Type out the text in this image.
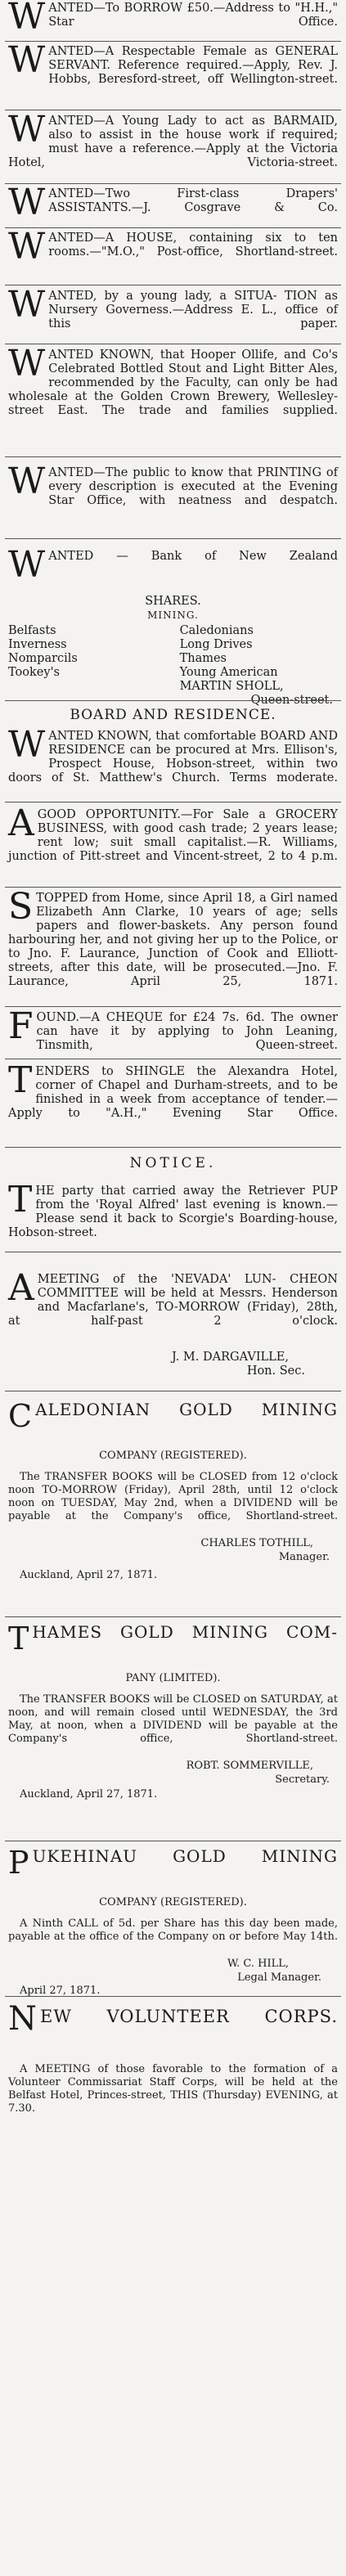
W ANTED—To BORROW £50.—Address to "H.H.," Star Office.

W ANTED—A Respectable Female as GENERAL SERVANT. Reference required.—Apply, Rev. J. Hobbs, Beresford-street, off Wellington-street.

W ANTED—A Young Lady to act as BARMAID, also to assist in the house work if required; must have a reference.—Apply at the Victoria Hotel, Victoria-street.

W ANTED—Two First-class Drapers' ASSISTANTS.—J. Cosgrave & Co.

W ANTED—A HOUSE, containing six to ten rooms.—"M.O.," Post-office, Shortland-street.

W ANTED, by a young lady, a SITUA- TION as Nursery Governess.—Address E. L., office of this paper.

W ANTED KNOWN, that Hooper Ollife, and Co's Celebrated Bottled Stout and Light Bitter Ales, recommended by the Faculty, can only be had wholesale at the Golden Crown Brewery, Wellesley-street East. The trade and families supplied.

W ANTED—The public to know that PRINTING of every description is executed at the Evening Star Office, with neatness and despatch.

W ANTED — Bank of New Zealand

SHARES.

MINING.

Belfasts
Inverness
Nomparcils
Tookey's
Caledonians
Long Drives
Thames
Young American
MARTIN SHOLL,

Queen-street.

BOARD AND RESIDENCE.

W ANTED KNOWN, that comfortable BOARD AND RESIDENCE can be procured at Mrs. Ellison's, Prospect House, Hobson-street, within two doors of St. Matthew's Church. Terms moderate.

A GOOD OPPORTUNITY.—For Sale a GROCERY BUSINESS, with good cash trade; 2 years lease; rent low; suit small capitalist.—R. Williams, junction of Pitt-street and Vincent-street, 2 to 4 p.m.

S TOPPED from Home, since April 18, a Girl named Elizabeth Ann Clarke, 10 years of age; sells papers and flower-baskets. Any person found harbouring her, and not giving her up to the Police, or to Jno. F. Laurance, Junction of Cook and Elliott-streets, after this date, will be prosecuted.—Jno. F. Laurance, April 25, 1871.

F OUND.—A CHEQUE for £24 7s. 6d. The owner can have it by applying to John Leaning, Tinsmith, Queen-street.

T ENDERS to SHINGLE the Alexandra Hotel, corner of Chapel and Durham-streets, and to be finished in a week from acceptance of tender.—Apply to "A.H.," Evening Star Office.

NOTICE.

T HE party that carried away the Retriever PUP from the 'Royal Alfred' last evening is known.—Please send it back to Scorgie's Boarding-house, Hobson-street.

A MEETING of the 'NEVADA' LUN- CHEON COMMITTEE will be held at Messrs. Henderson and Macfarlane's, TO-MORROW (Friday), 28th, at half-past 2 o'clock.

J. M. DARGAVILLE,

Hon. Sec.

C ALEDONIAN GOLD MINING

COMPANY (REGISTERED).

The TRANSFER BOOKS will be CLOSED from 12 o'clock noon TO-MORROW (Friday), April 28th, until 12 o'clock noon on TUESDAY, May 2nd, when a DIVIDEND will be payable at the Company's office, Shortland-street.

CHARLES TOTHILL,

Manager.

Auckland, April 27, 1871.

T HAMES GOLD MINING COM-

PANY (LIMITED).

The TRANSFER BOOKS will be CLOSED on SATURDAY, at noon, and will remain closed until WEDNESDAY, the 3rd May, at noon, when a DIVIDEND will be payable at the Company's office, Shortland-street.

ROBT. SOMMERVILLE,

Secretary.

Auckland, April 27, 1871.

P UKEHINAU GOLD MINING

COMPANY (REGISTERED).

A Ninth CALL of 5d. per Share has this day been made, payable at the office of the Company on or before May 14th.

W. C. HILL,

Legal Manager.

April 27, 1871.

N EW VOLUNTEER CORPS.

A MEETING of those favorable to the formation of a Volunteer Commissariat Staff Corps, will be held at the Belfast Hotel, Princes-street, THIS (Thursday) EVENING, at 7.30.
